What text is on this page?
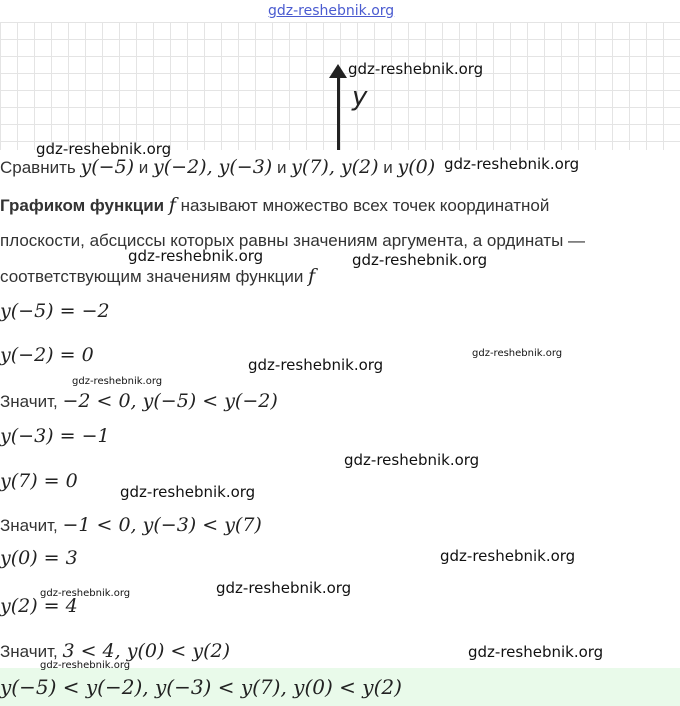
gdz-reshebnik.org
y
Сравнить y(−5) и y(−2), y(−3) и y(7), y(2) и y(0)
Графиком функции f называют множество всех точек координатной
плоскости, абсциссы которых равны значениям аргумента, а ординаты —
соответствующим значениям функции f
y(−5) = −2
y(−2) = 0
Значит, −2 < 0, y(−5) < y(−2)
y(−3) = −1
y(7) = 0
Значит, −1 < 0, y(−3) < y(7)
y(0) = 3
y(2) = 4
Значит, 3 < 4, y(0) < y(2)
y(−5) < y(−2), y(−3) < y(7), y(0) < y(2)
gdz-reshebnik.org
gdz-reshebnik.org
gdz-reshebnik.org
gdz-reshebnik.org	gdz-reshebnik.org
gdz-reshebnik.org
gdz-reshebnik.org
gdz-reshebnik.org
gdz-reshebnik.org
gdz-reshebnik.org
gdz-reshebnik.org
gdz-reshebnik.org
gdz-reshebnik.org
gdz-reshebnik.org
gdz-reshebnik.org
